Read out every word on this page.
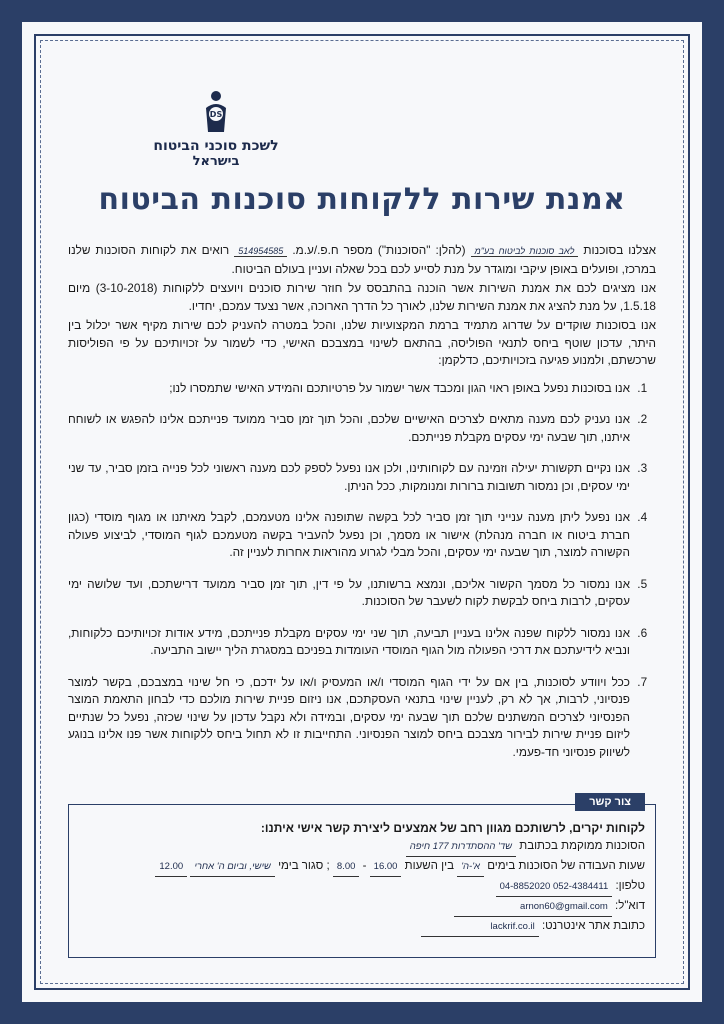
DS
לשכת סוכני הביטוח
בישראל
אמנת שירות ללקוחות סוכנות הביטוח

אצלנו בסוכנות לאב סוכנות לביטוח בע"מ (להלן: "הסוכנות") מספר ח.פ./ע.מ. 514954585 רואים את לקוחות הסוכנות שלנו במרכז, ופועלים באופן עיקבי ומוגדר על מנת לסייע לכם בכל שאלה ועניין בעולם הביטוח.

אנו מציגים לכם את אמנת השירות אשר הוכנה בהתבסס על חוזר שירות סוכנים ויועצים ללקוחות (3-10-2018) מיום 1.5.18, על מנת להציג את אמנת השירות שלנו, לאורך כל הדרך הארוכה, אשר נצעד עמכם, יחדיו.

אנו בסוכנות שוקדים על שדרוג מתמיד ברמת המקצועיות שלנו, והכל במטרה להעניק לכם שירות מקיף אשר יכלול בין היתר, עדכון שוטף ביחס לתנאי הפוליסה, בהתאם לשינוי במצבכם האישי, כדי לשמור על זכויותיכם על פי הפוליסות שרכשתם, ולמנוע פגיעה בזכויותיכם, כדלקמן:

1. אנו בסוכנות נפעל באופן ראוי הגון ומכבד אשר ישמור על פרטיותכם והמידע האישי שתמסרו לנו;
2. אנו נעניק לכם מענה מתאים לצרכים האישיים שלכם, והכל תוך זמן סביר ממועד פנייתכם אלינו להפגש או לשוחח איתנו, תוך שבעה ימי עסקים מקבלת פנייתכם.
3. אנו נקיים תקשורת יעילה וזמינה עם לקוחותינו, ולכן אנו נפעל לספק לכם מענה ראשוני לכל פנייה בזמן סביר, עד שני ימי עסקים, וכן נמסור תשובות ברורות ומנומקות, ככל הניתן.
4. אנו נפעל ליתן מענה ענייני תוך זמן סביר לכל בקשה שתופנה אלינו מטעמכם, לקבל מאיתנו או מגוף מוסדי (כגון חברת ביטוח או חברה מנהלת) אישור או מסמך, וכן נפעל להעביר בקשה מטעמכם לגוף המוסדי, לביצוע פעולה הקשורה למוצר, תוך שבעה ימי עסקים, והכל מבלי לגרוע מהוראות אחרות לעניין זה.
5. אנו נמסור כל מסמך הקשור אליכם, ונמצא ברשותנו, על פי דין, תוך זמן סביר ממועד דרישתכם, ועד שלושה ימי עסקים, לרבות ביחס לבקשת לקוח לשעבר של הסוכנות.
6. אנו נמסור ללקוח שפנה אלינו בעניין תביעה, תוך שני ימי עסקים מקבלת פנייתכם, מידע אודות זכויותיכם כלקוחות, ונביא לידיעתכם את דרכי הפעולה מול הגוף המוסדי העומדות בפניכם במסגרת הליך יישוב התביעה.
7. ככל ויוודע לסוכנות, בין אם על ידי הגוף המוסדי ו/או המעסיק ו/או על ידכם, כי חל שינוי במצבכם, בקשר למוצר פנסיוני, לרבות, אך לא רק, לעניין שינוי בתנאי העסקתכם, אנו ניזום פניית שירות מולכם כדי לבחון התאמת המוצר הפנסיוני לצרכים המשתנים שלכם תוך שבעה ימי עסקים, ובמידה ולא נקבל עדכון על שינוי שכזה, נפעל כל שנתיים ליזום פניית שירות לבירור מצבכם ביחס למוצר הפנסיוני. התחייבות זו לא תחול ביחס ללקוחות אשר פנו אלינו בנוגע לשיווק פנסיוני חד-פעמי.
צור קשר
לקוחות יקרים, לרשותכם מגוון רחב של אמצעים ליצירת קשר אישי איתנו:
הסוכנות ממוקמת בכתובת שד' ההסתדרות 177 חיפה
שעות העבודה של הסוכנות בימים א'-ה' בין השעות 16.00 - 8.00 ; סגור בימי שישי, וביום ה' אחרי 12.00
טלפון: 052-4384411 04-8852020
דוא"ל: arnon60@gmail.com
כתובת אתר אינטרנט: lackrif.co.il
